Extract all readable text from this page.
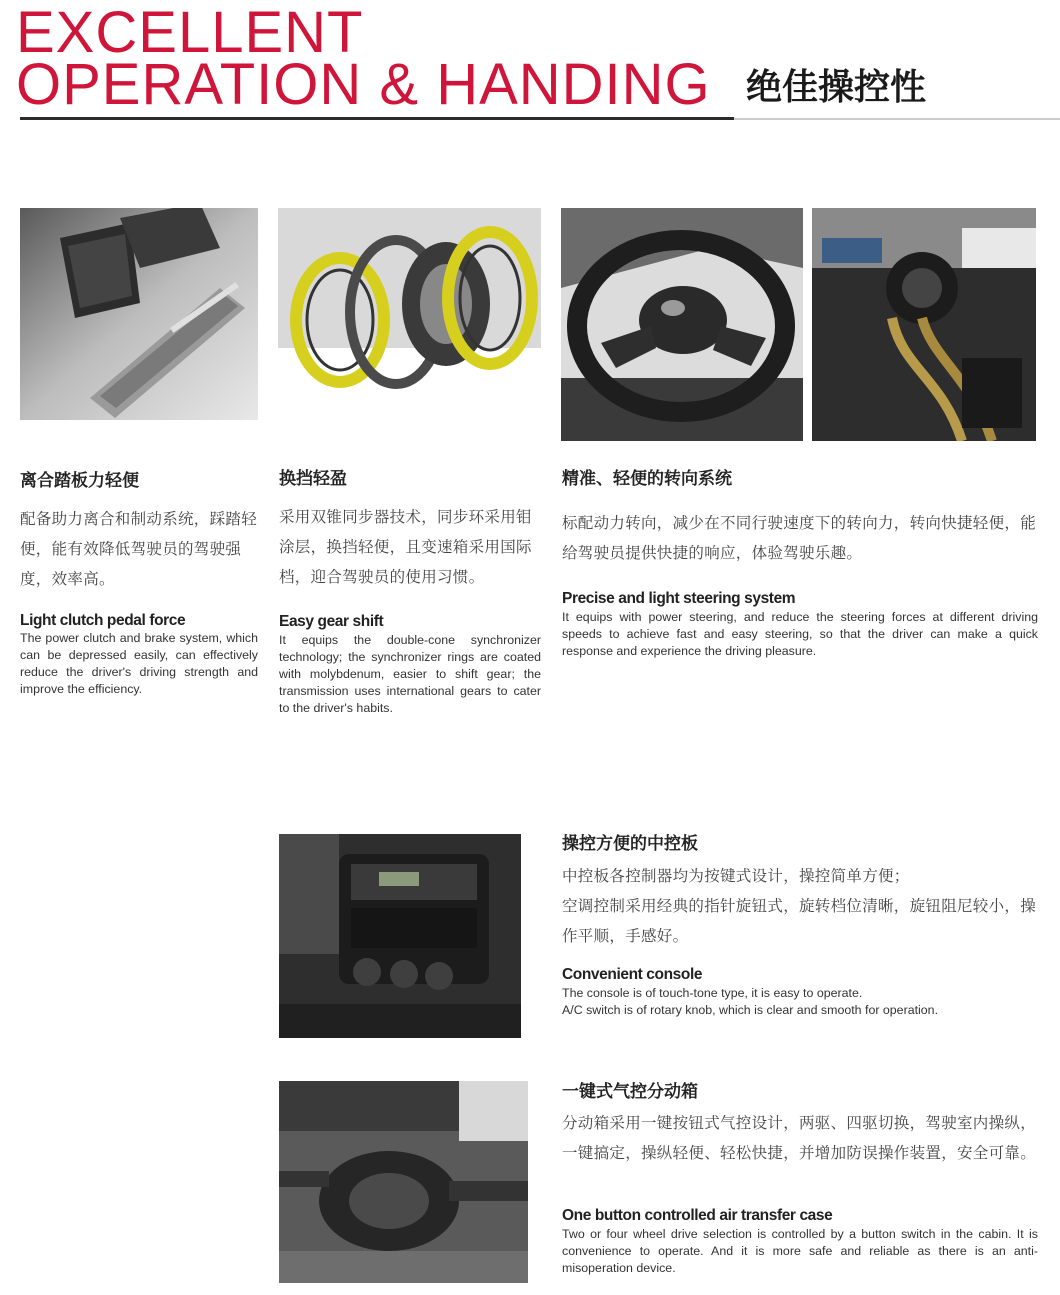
EXCELLENT
OPERATION & HANDING 绝佳操控性
离合踏板力轻便
配备助力离合和制动系统，踩踏轻便，能有效降低驾驶员的驾驶强度，效率高。
Light clutch pedal force
The power clutch and brake system, which can be depressed easily, can effectively reduce the driver's driving strength and improve the efficiency.
换挡轻盈
采用双锥同步器技术，同步环采用钼涂层，换挡轻便，且变速箱采用国际档，迎合驾驶员的使用习惯。
Easy gear shift
It equips the double-cone synchronizer technology; the synchronizer rings are coated with molybdenum, easier to shift gear; the transmission uses international gears to cater to the driver's habits.
精准、轻便的转向系统
标配动力转向，减少在不同行驶速度下的转向力，转向快捷轻便，能给驾驶员提供快捷的响应，体验驾驶乐趣。
Precise and light steering system
It equips with power steering, and reduce the steering forces at different driving speeds to achieve fast and easy steering, so that the driver can make a quick response and experience the driving pleasure.
操控方便的中控板
中控板各控制器均为按键式设计，操控简单方便；
空调控制采用经典的指针旋钮式，旋转档位清晰，旋钮阻尼较小，操作平顺，手感好。
Convenient console
The console is of touch-tone type, it is easy to operate.
A/C switch is of rotary knob, which is clear and smooth for operation.
一键式气控分动箱
分动箱采用一键按钮式气控设计，两驱、四驱切换，驾驶室内操纵，一键搞定，操纵轻便、轻松快捷，并增加防误操作装置，安全可靠。
One button controlled air transfer case
Two or four wheel drive selection is controlled by a button switch in the cabin. It is convenience to operate. And it is more safe and reliable as there is an anti-misoperation device.
